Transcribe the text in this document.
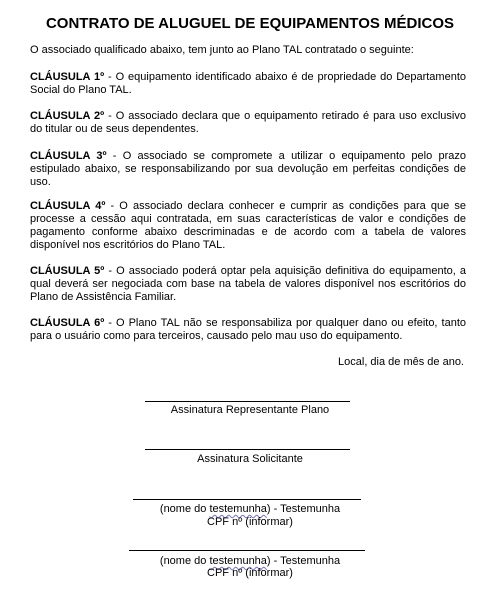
CONTRATO DE ALUGUEL DE EQUIPAMENTOS MÉDICOS
O associado qualificado abaixo, tem junto ao Plano TAL contratado o seguinte:
CLÁUSULA 1º - O equipamento identificado abaixo é de propriedade do Departamento Social do Plano TAL.
CLÁUSULA 2º - O associado declara que o equipamento retirado é para uso exclusivo do titular ou de seus dependentes.
CLÁUSULA 3º - O associado se compromete a utilizar o equipamento pelo prazo estipulado abaixo, se responsabilizando por sua devolução em perfeitas condições de uso.
CLÁUSULA 4º - O associado declara conhecer e cumprir as condições para que se processe a cessão aqui contratada, em suas características de valor e condições de pagamento conforme abaixo descriminadas e de acordo com a tabela de valores disponível nos escritórios do Plano TAL.
CLÁUSULA 5º - O associado poderá optar pela aquisição definitiva do equipamento, a qual deverá ser negociada com base na tabela de valores disponível nos escritórios do Plano de Assistência Familiar.
CLÁUSULA 6º - O Plano TAL não se responsabiliza por qualquer dano ou efeito, tanto para o usuário como para terceiros, causado pelo mau uso do equipamento.
Local, dia de mês de ano.
Assinatura Representante Plano
Assinatura Solicitante
(nome do testemunha) - Testemunha
CPF nº (informar)
(nome do testemunha) - Testemunha
CPF nº (informar)
